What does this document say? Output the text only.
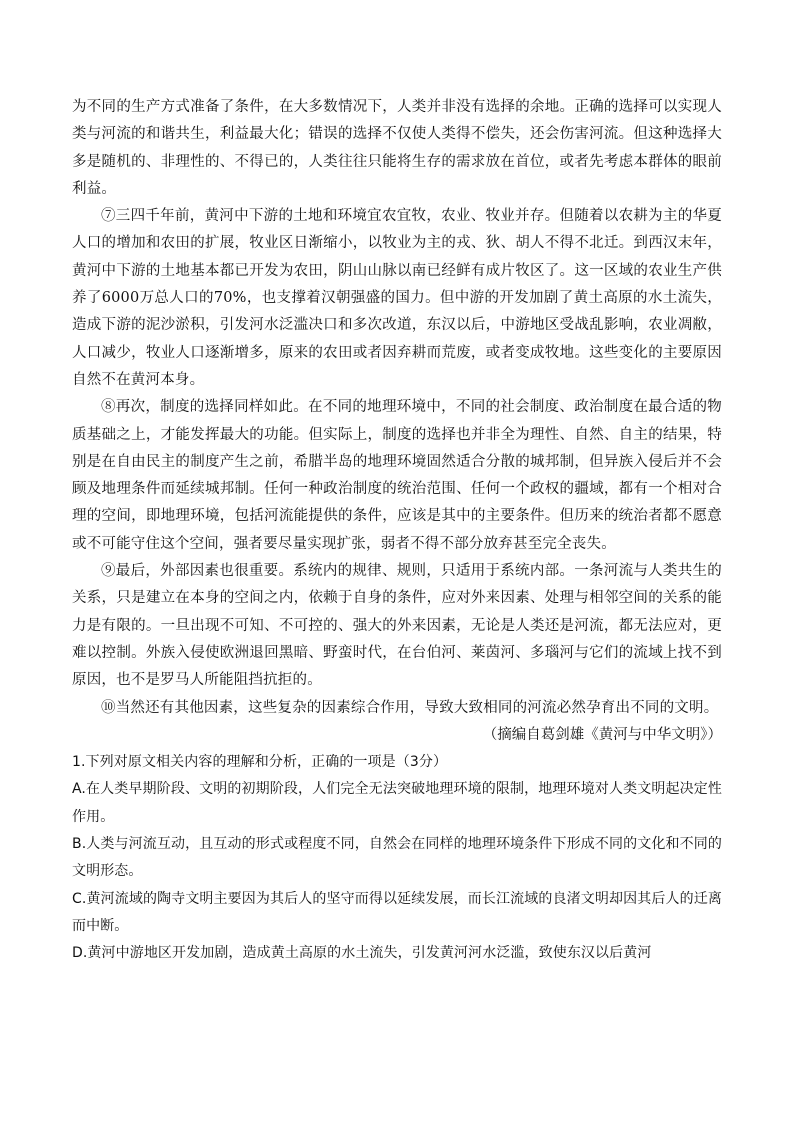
为不同的生产方式准备了条件，在大多数情况下，人类并非没有选择的余地。正确的选择可以实现人类与河流的和谐共生，利益最大化；错误的选择不仅使人类得不偿失，还会伤害河流。但这种选择大多是随机的、非理性的、不得已的，人类往往只能将生存的需求放在首位，或者先考虑本群体的眼前利益。

⑦三四千年前，黄河中下游的土地和环境宜农宜牧，农业、牧业并存。但随着以农耕为主的华夏人口的增加和农田的扩展，牧业区日渐缩小，以牧业为主的戎、狄、胡人不得不北迁。到西汉末年，黄河中下游的土地基本都已开发为农田，阴山山脉以南已经鲜有成片牧区了。这一区域的农业生产供养了6000万总人口的70%，也支撑着汉朝强盛的国力。但中游的开发加剧了黄土高原的水土流失，造成下游的泥沙淤积，引发河水泛滥决口和多次改道，东汉以后，中游地区受战乱影响，农业凋敝，人口减少，牧业人口逐渐增多，原来的农田或者因弃耕而荒废，或者变成牧地。这些变化的主要原因自然不在黄河本身。

⑧再次，制度的选择同样如此。在不同的地理环境中，不同的社会制度、政治制度在最合适的物质基础之上，才能发挥最大的功能。但实际上，制度的选择也并非全为理性、自然、自主的结果，特别是在自由民主的制度产生之前，希腊半岛的地理环境固然适合分散的城邦制，但异族入侵后并不会顾及地理条件而延续城邦制。任何一种政治制度的统治范围、任何一个政权的疆域，都有一个相对合理的空间，即地理环境，包括河流能提供的条件，应该是其中的主要条件。但历来的统治者都不愿意或不可能守住这个空间，强者要尽量实现扩张，弱者不得不部分放弃甚至完全丧失。

⑨最后，外部因素也很重要。系统内的规律、规则，只适用于系统内部。一条河流与人类共生的关系，只是建立在本身的空间之内，依赖于自身的条件，应对外来因素、处理与相邻空间的关系的能力是有限的。一旦出现不可知、不可控的、强大的外来因素，无论是人类还是河流，都无法应对，更难以控制。外族入侵使欧洲退回黑暗、野蛮时代，在台伯河、莱茵河、多瑙河与它们的流域上找不到原因，也不是罗马人所能阻挡抗拒的。

⑩当然还有其他因素，这些复杂的因素综合作用，导致大致相同的河流必然孕育出不同的文明。

（摘编自葛剑雄《黄河与中华文明》）

1.下列对原文相关内容的理解和分析，正确的一项是（3分）
A.在人类早期阶段、文明的初期阶段，人们完全无法突破地理环境的限制，地理环境对人类文明起决定性作用。
B.人类与河流互动，且互动的形式或程度不同，自然会在同样的地理环境条件下形成不同的文化和不同的文明形态。
C.黄河流域的陶寺文明主要因为其后人的坚守而得以延续发展，而长江流域的良渚文明却因其后人的迁离而中断。
D.黄河中游地区开发加剧，造成黄土高原的水土流失，引发黄河河水泛滥，致使东汉以后黄河
